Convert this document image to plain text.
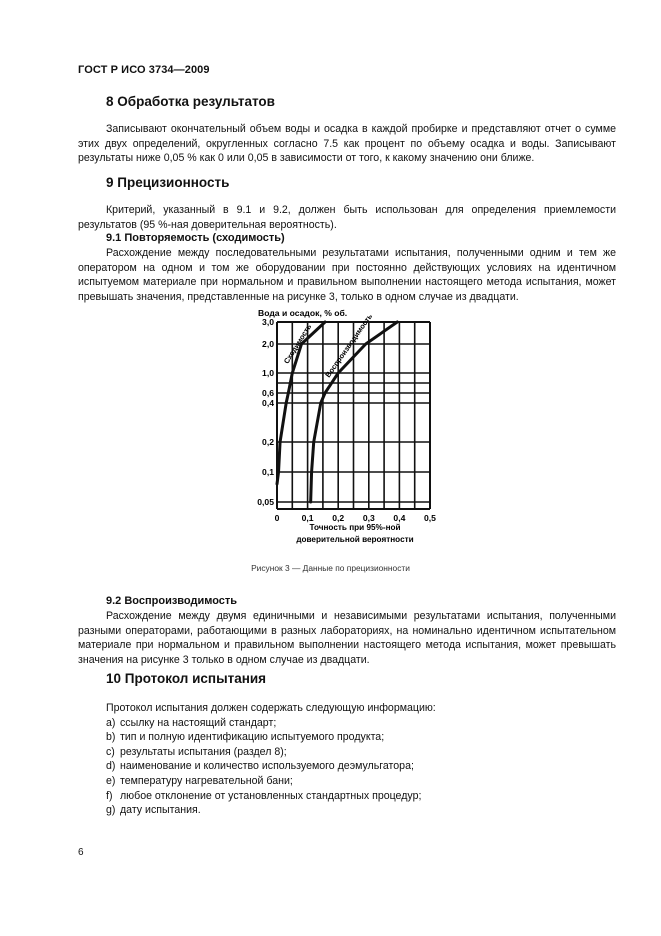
ГОСТ Р ИСО 3734—2009
8 Обработка результатов
Записывают окончательный объем воды и осадка в каждой пробирке и представляют отчет о сумме этих двух определений, округленных согласно 7.5 как процент по объему осадка и воды. Записывают результаты ниже 0,05 % как 0 или 0,05 в зависимости от того, к какому значению они ближе.
9 Прецизионность
Критерий, указанный в 9.1 и 9.2, должен быть использован для определения приемлемости результатов (95 %-ная доверительная вероятность).
9.1 Повторяемость (сходимость)
Расхождение между последовательными результатами испытания, полученными одним и тем же оператором на одном и том же оборудовании при постоянно действующих условиях на идентичном испытуемом материале при нормальном и правильном выполнении настоящего метода испытания, может превышать значения, представленные на рисунке 3, только в одном случае из двадцати.
Вода и осадок, % об.
0,05
0,1
0,2
0,4
0,6
1,0
2,0
3,0
0	0,1 0,2 0,3 0,4 0,5
Сходимость Воспроизводимость
Точность при 95%-ной
доверительной вероятности
Рисунок 3 — Данные по прецизионности
9.2 Воспроизводимость
Расхождение между двумя единичными и независимыми результатами испытания, полученными разными операторами, работающими в разных лабораториях, на номинально идентичном испытательном материале при нормальном и правильном выполнении настоящего метода испытания, может превышать значения на рисунке 3 только в одном случае из двадцати.
10 Протокол испытания
Протокол испытания должен содержать следующую информацию:
a) ссылку на настоящий стандарт;
b) тип и полную идентификацию испытуемого продукта;
c) результаты испытания (раздел 8);
d) наименование и количество используемого деэмульгатора;
e) температуру нагревательной бани;
f) любое отклонение от установленных стандартных процедур;
g) дату испытания.
6
